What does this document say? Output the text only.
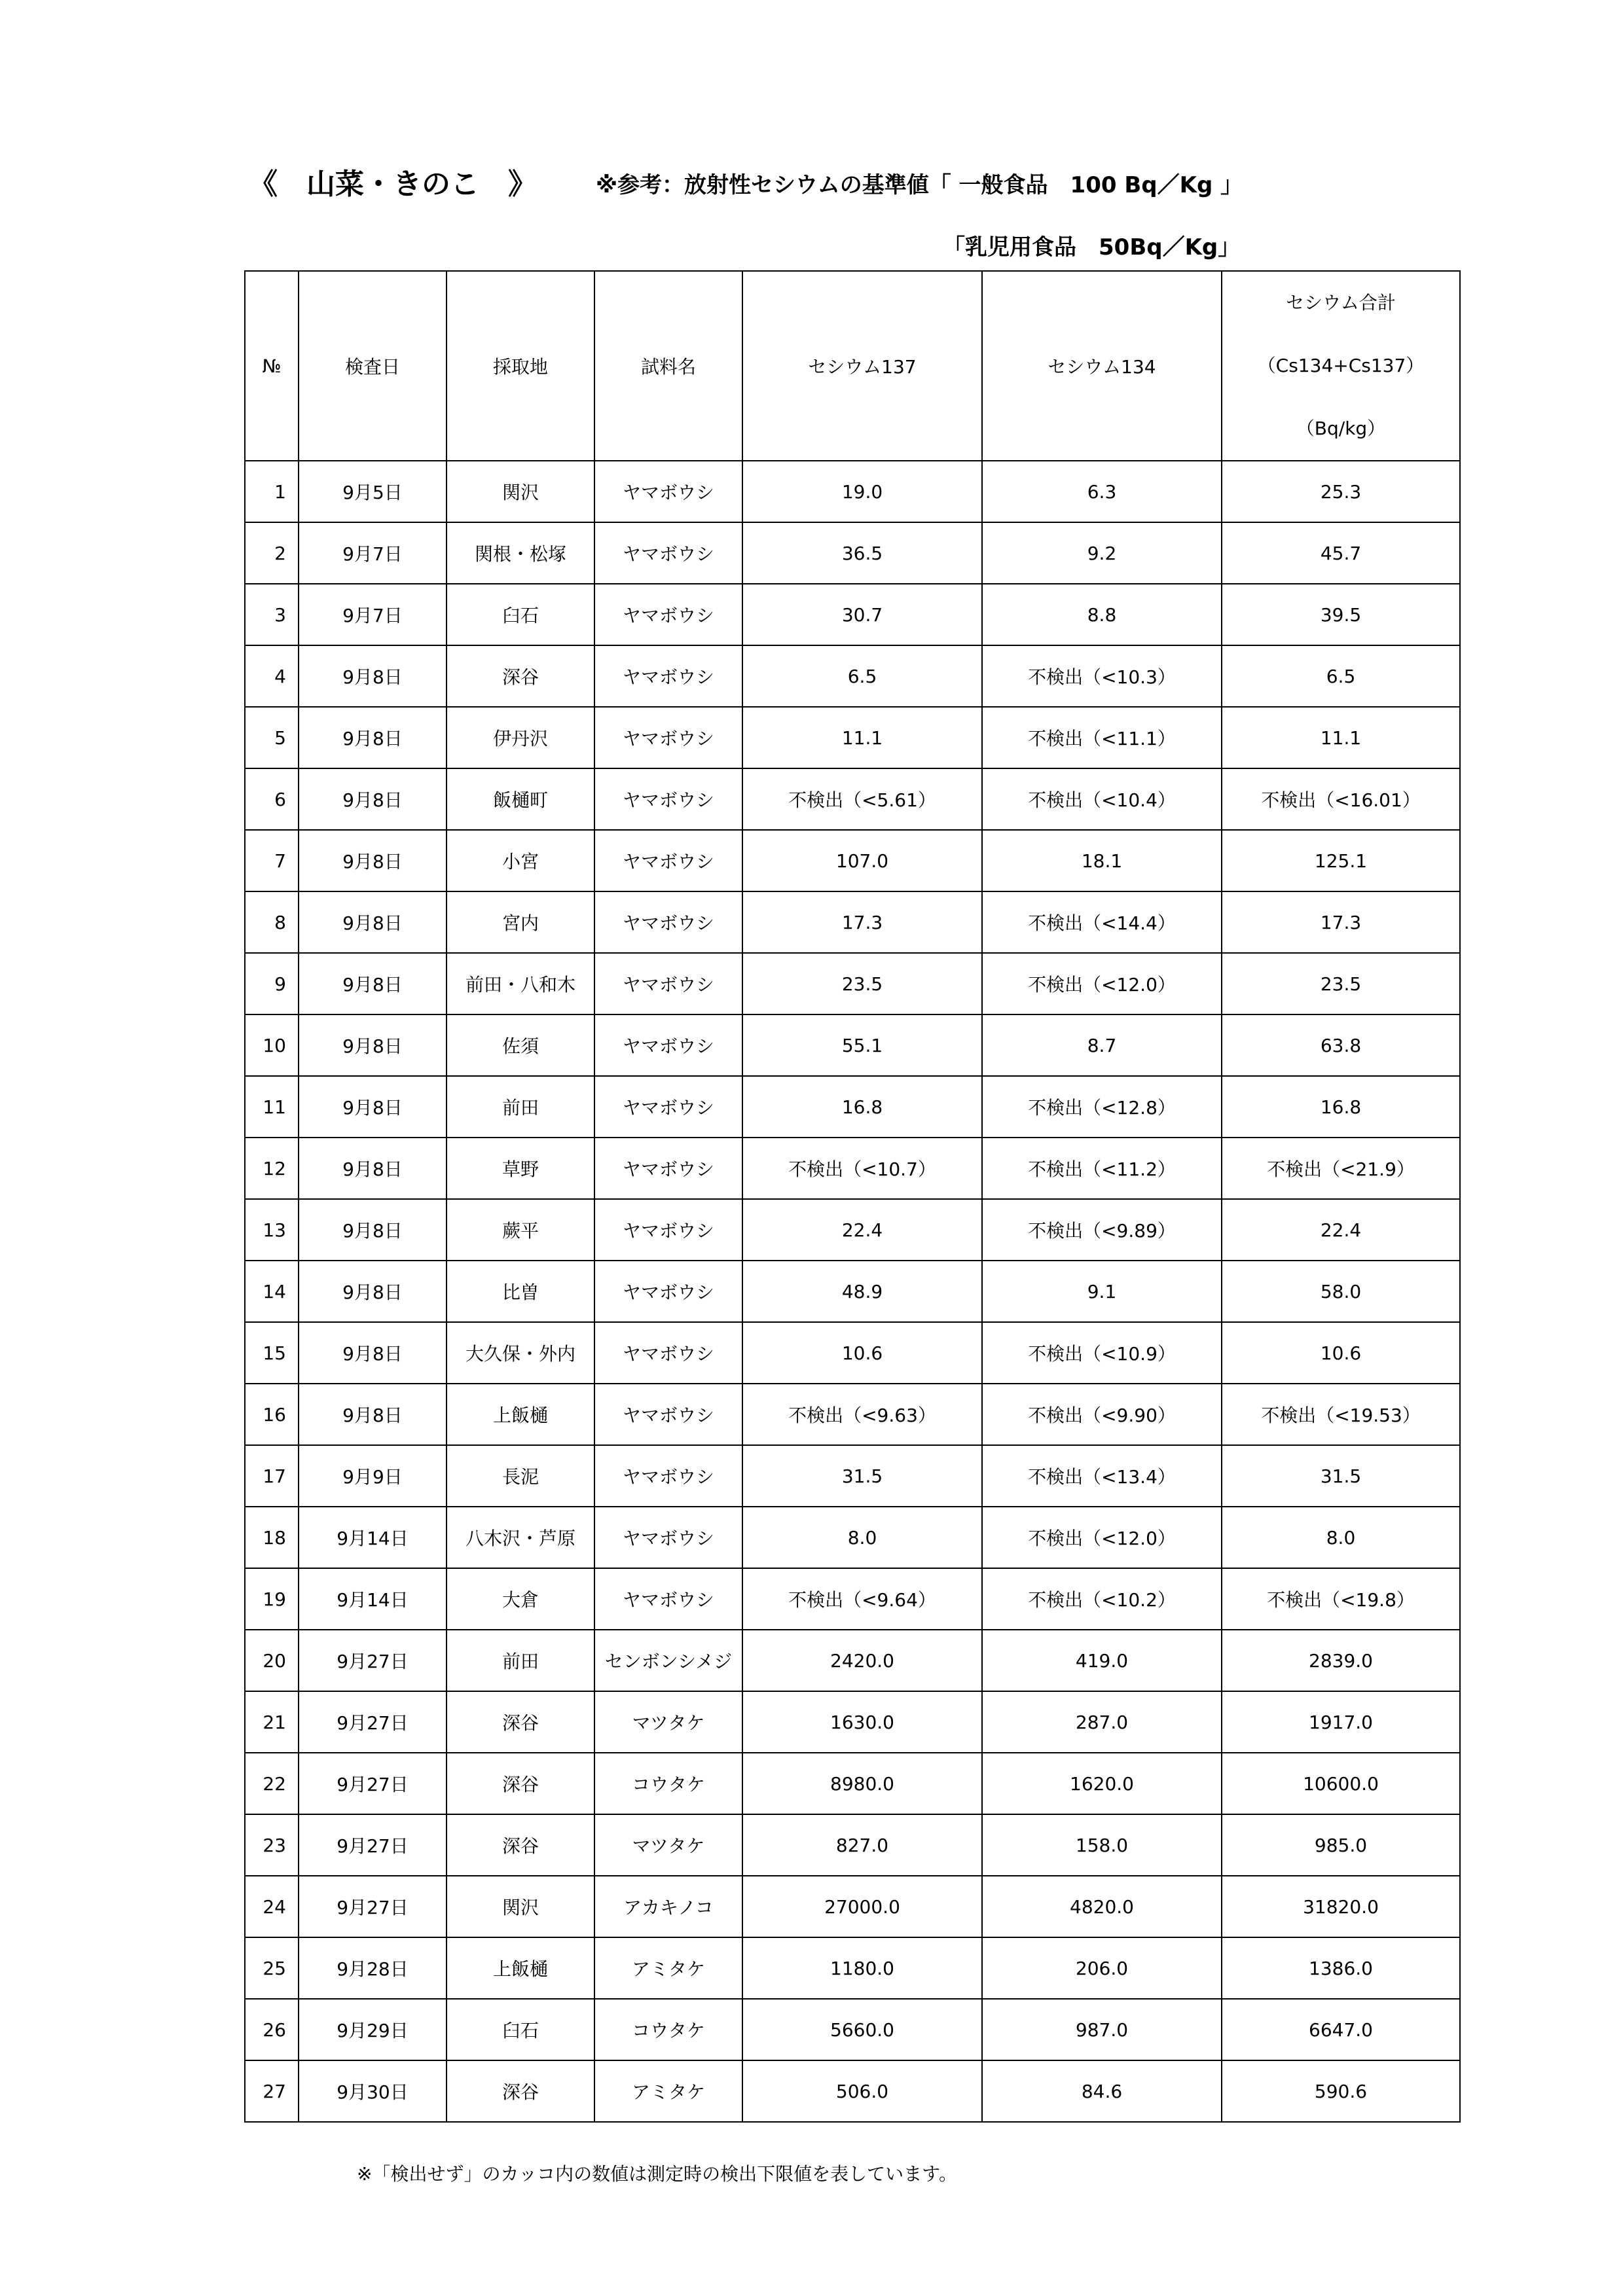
《　山菜・きのこ　》	※参考：放射性セシウムの基準値「 一般食品　100 Bq／Kg 」
「乳児用食品　50Bq／Kg」
№	検査日	採取地	試料名	セシウム137	セシウム134	セシウム合計
（Cs134+Cs137）
（Bq/kg）

1	9月5日	関沢	ヤマボウシ	19.0	6.3	25.3
2	9月7日	関根・松塚	ヤマボウシ	36.5	9.2	45.7
3	9月7日	臼石	ヤマボウシ	30.7	8.8	39.5
4	9月8日	深谷	ヤマボウシ	6.5	不検出（<10.3）	6.5
5	9月8日	伊丹沢	ヤマボウシ	11.1	不検出（<11.1）	11.1
6	9月8日	飯樋町	ヤマボウシ	不検出（<5.61）	不検出（<10.4）	不検出（<16.01）
7	9月8日	小宮	ヤマボウシ	107.0	18.1	125.1
8	9月8日	宮内	ヤマボウシ	17.3	不検出（<14.4）	17.3
9	9月8日	前田・八和木	ヤマボウシ	23.5	不検出（<12.0）	23.5
10	9月8日	佐須	ヤマボウシ	55.1	8.7	63.8
11	9月8日	前田	ヤマボウシ	16.8	不検出（<12.8）	16.8
12	9月8日	草野	ヤマボウシ	不検出（<10.7）	不検出（<11.2）	不検出（<21.9）
13	9月8日	蕨平	ヤマボウシ	22.4	不検出（<9.89）	22.4
14	9月8日	比曽	ヤマボウシ	48.9	9.1	58.0
15	9月8日	大久保・外内	ヤマボウシ	10.6	不検出（<10.9）	10.6
16	9月8日	上飯樋	ヤマボウシ	不検出（<9.63）	不検出（<9.90）	不検出（<19.53）
17	9月9日	長泥	ヤマボウシ	31.5	不検出（<13.4）	31.5
18	9月14日	八木沢・芦原	ヤマボウシ	8.0	不検出（<12.0）	8.0
19	9月14日	大倉	ヤマボウシ	不検出（<9.64）	不検出（<10.2）	不検出（<19.8）
20	9月27日	前田	センボンシメジ	2420.0	419.0	2839.0
21	9月27日	深谷	マツタケ	1630.0	287.0	1917.0
22	9月27日	深谷	コウタケ	8980.0	1620.0	10600.0
23	9月27日	深谷	マツタケ	827.0	158.0	985.0
24	9月27日	関沢	アカキノコ	27000.0	4820.0	31820.0
25	9月28日	上飯樋	アミタケ	1180.0	206.0	1386.0
26	9月29日	臼石	コウタケ	5660.0	987.0	6647.0
27	9月30日	深谷	アミタケ	506.0	84.6	590.6
※「検出せず」のカッコ内の数値は測定時の検出下限値を表しています。
